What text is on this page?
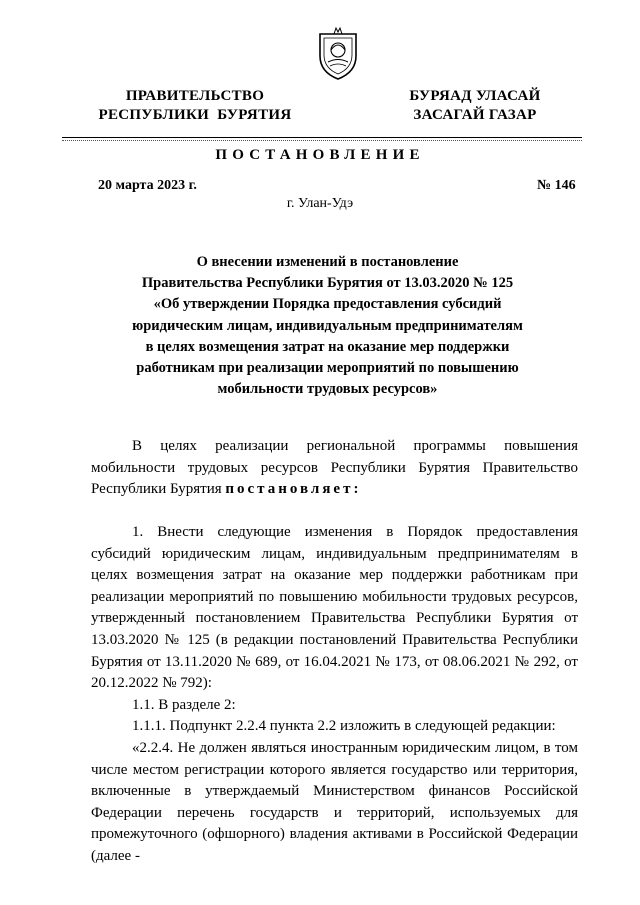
ПРАВИТЕЛЬСТВО
РЕСПУБЛИКИ  БУРЯТИЯ
БУРЯАД УЛАСАЙ
ЗАСАГАЙ ГАЗАР
ПОСТАНОВЛЕНИЕ
20 марта 2023 г.	№ 146
г. Улан-Удэ
О внесении изменений в постановление
Правительства Республики Бурятия от 13.03.2020 № 125
«Об утверждении Порядка предоставления субсидий
юридическим лицам, индивидуальным предпринимателям
в целях возмещения затрат на оказание мер поддержки
работникам при реализации мероприятий по повышению
мобильности трудовых ресурсов»

В целях реализации региональной программы повышения мобильности трудовых ресурсов Республики Бурятия Правительство Республики Бурятия постановляет:

1. Внести следующие изменения в Порядок предоставления субсидий юридическим лицам, индивидуальным предпринимателям в целях возмещения затрат на оказание мер поддержки работникам при реализации мероприятий по повышению мобильности трудовых ресурсов, утвержденный постановлением Правительства Республики Бурятия от 13.03.2020 № 125 (в редакции постановлений Правительства Республики Бурятия от 13.11.2020 № 689, от 16.04.2021 № 173, от 08.06.2021 № 292, от 20.12.2022 № 792):

1.1. В разделе 2:

1.1.1. Подпункт 2.2.4 пункта 2.2 изложить в следующей редакции:

«2.2.4. Не должен являться иностранным юридическим лицом, в том числе местом регистрации которого является государство или территория, включенные в утверждаемый Министерством финансов Российской Федерации перечень государств и территорий, используемых для промежуточного (офшорного) владения активами в Российской Федерации (далее -
